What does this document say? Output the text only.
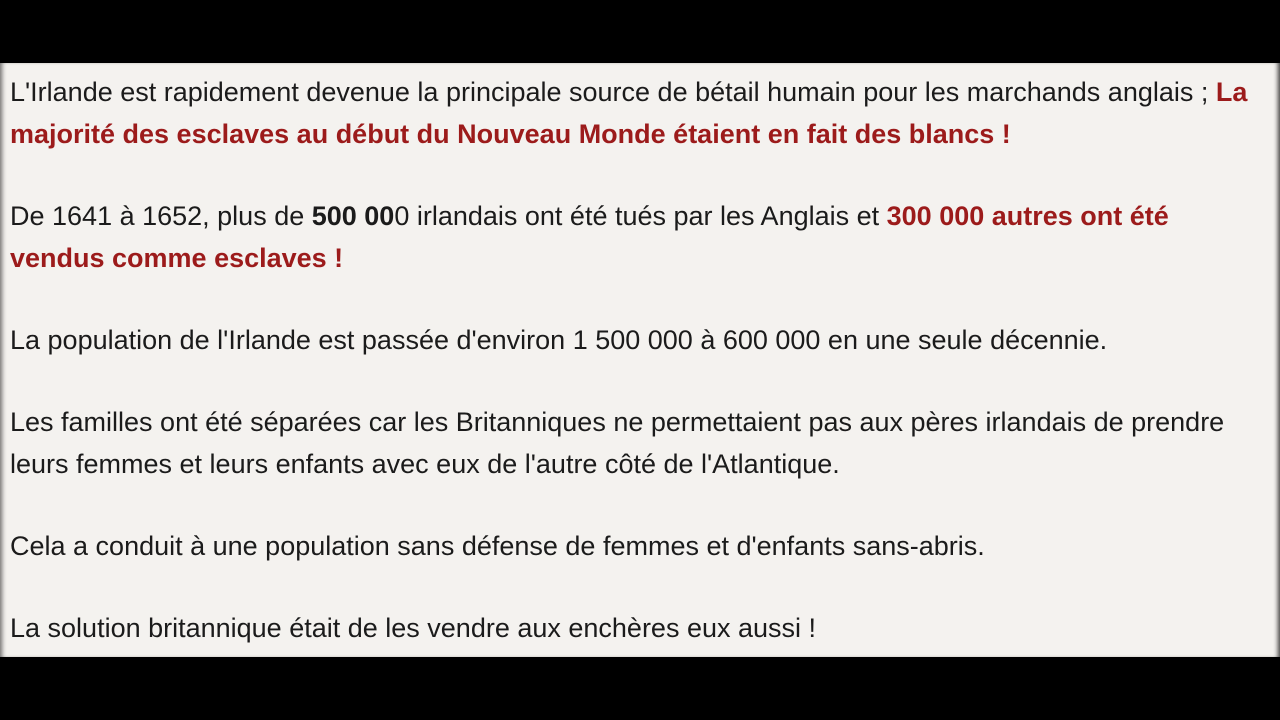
L'Irlande est rapidement devenue la principale source de bétail humain pour les marchands anglais ; La majorité des esclaves au début du Nouveau Monde étaient en fait des blancs !

De 1641 à 1652, plus de 500 000 irlandais ont été tués par les Anglais et 300 000 autres ont été vendus comme esclaves !

La population de l'Irlande est passée d'environ 1 500 000 à 600 000 en une seule décennie.

Les familles ont été séparées car les Britanniques ne permettaient pas aux pères irlandais de prendre leurs femmes et leurs enfants avec eux de l'autre côté de l'Atlantique.

Cela a conduit à une population sans défense de femmes et d'enfants sans-abris.

La solution britannique était de les vendre aux enchères eux aussi !
